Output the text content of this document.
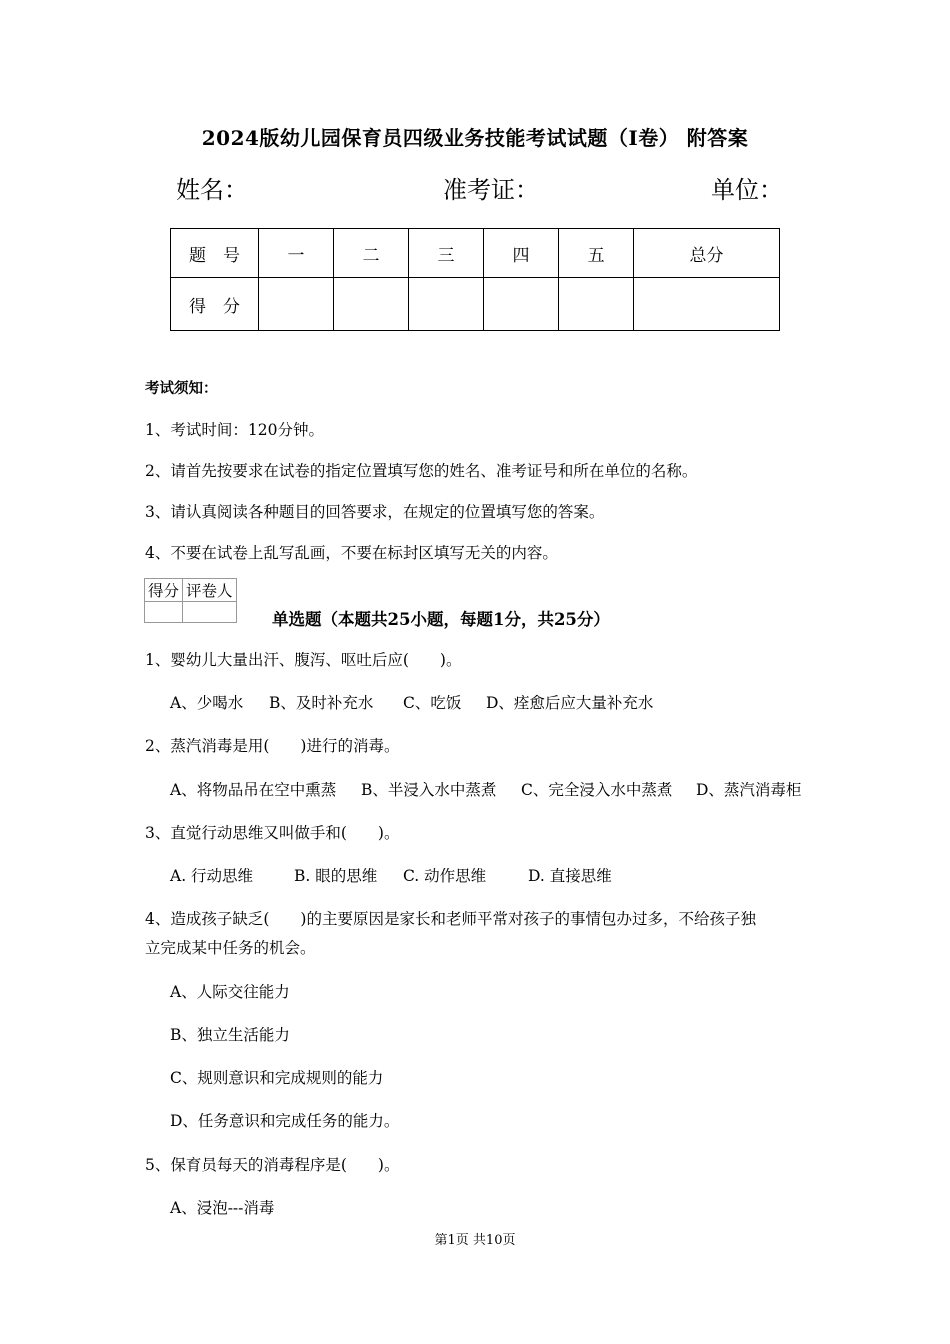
2024版幼儿园保育员四级业务技能考试试题（I卷） 附答案
姓名：	准考证：	单位：
题　号	一	二	三	四	五	总分
得　分						
考试须知：
1、考试时间：120分钟。
2、请首先按要求在试卷的指定位置填写您的姓名、准考证号和所在单位的名称。
3、请认真阅读各种题目的回答要求，在规定的位置填写您的答案。
4、不要在试卷上乱写乱画，不要在标封区填写无关的内容。
得分	评卷人

单选题（本题共25小题，每题1分，共25分）
1、婴幼儿大量出汗、腹泻、呕吐后应(　　)。
A、少喝水 B、及时补充水 C、吃饭 D、痊愈后应大量补充水
2、蒸汽消毒是用(　　)进行的消毒。
A、将物品吊在空中熏蒸 B、半浸入水中蒸煮 C、完全浸入水中蒸煮 D、蒸汽消毒柜
3、直觉行动思维又叫做手和(　　)。
A. 行动思维	B. 眼的思维 C. 动作思维	D. 直接思维
4、造成孩子缺乏(　　)的主要原因是家长和老师平常对孩子的事情包办过多，不给孩子独
立完成某中任务的机会。
A、人际交往能力
B、独立生活能力
C、规则意识和完成规则的能力
D、任务意识和完成任务的能力。
5、保育员每天的消毒程序是(　　)。
A、浸泡---消毒
第1页 共10页
